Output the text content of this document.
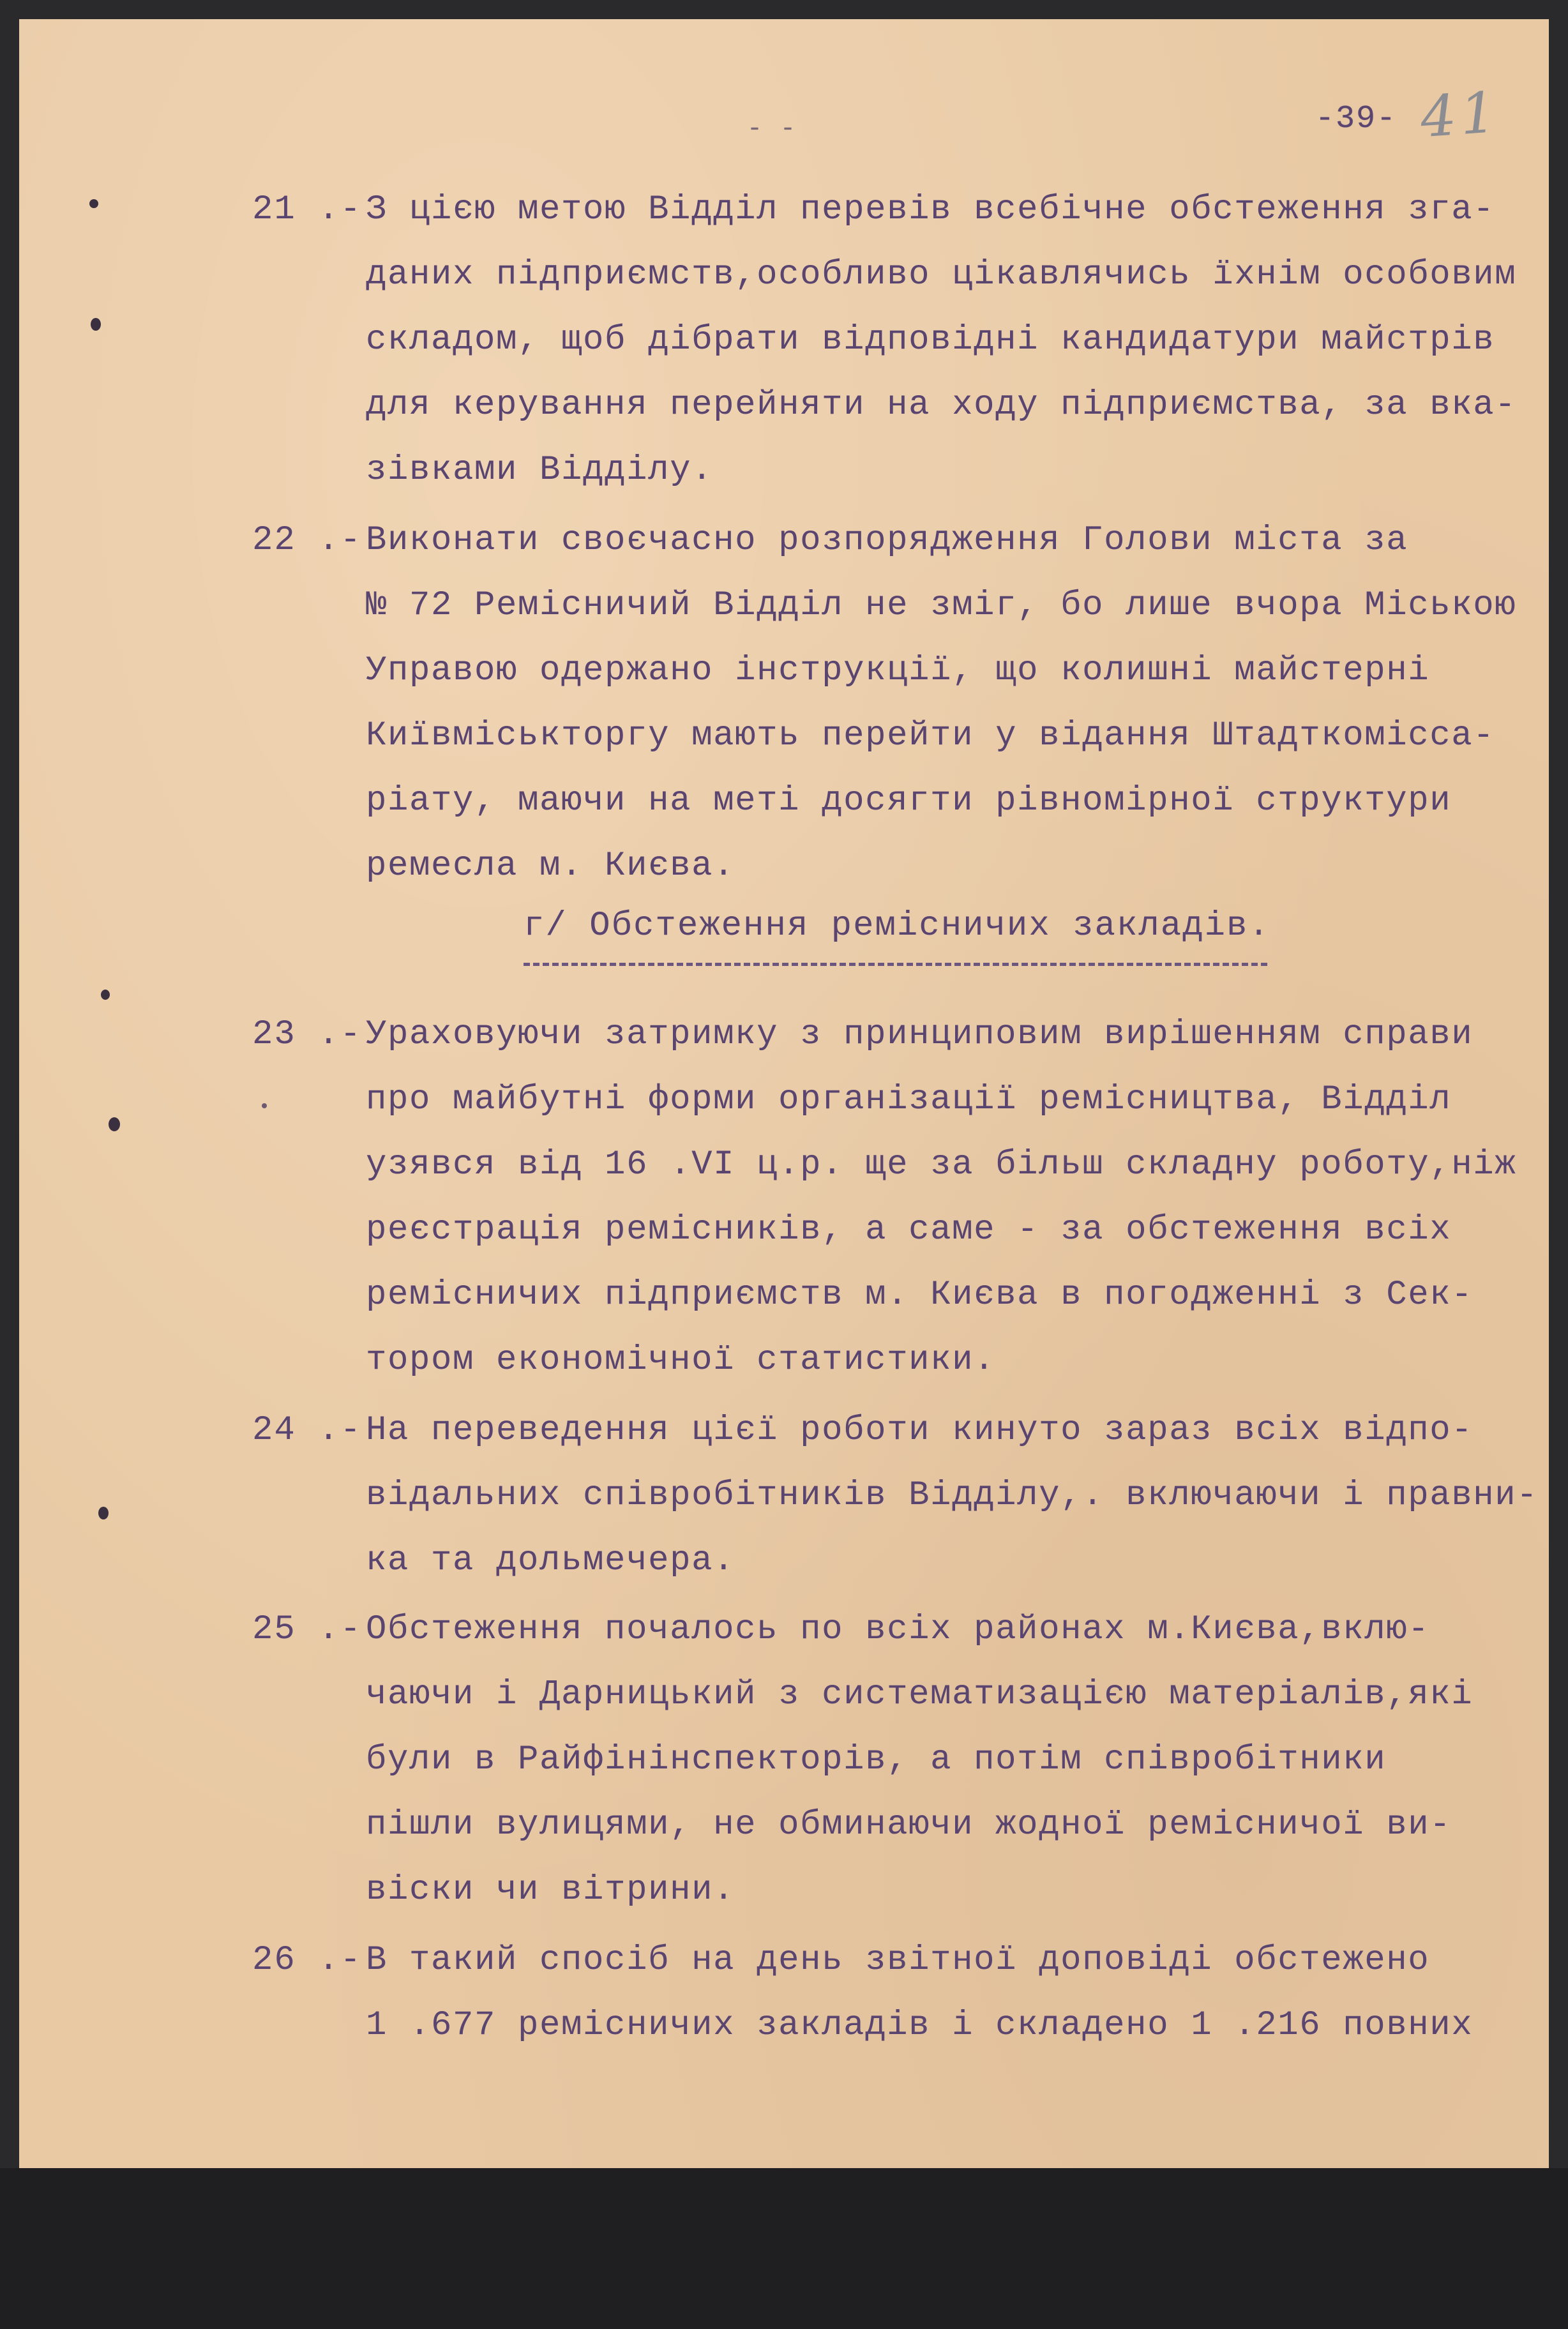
- -	-39- 41
21 .- З цією метою Відділ перевів всебічне обстеження зга-
даних підприємств,особливо цікавлячись їхнім особовим
складом, щоб дібрати відповідні кандидатури майстрів
для керування перейняти на ходу підприємства, за вка-
зівками Відділу.
22 .- Виконати своєчасно розпорядження Голови міста за
№ 72 Ремісничий Відділ не зміг, бо лише вчора Міською
Управою одержано інструкції, що колишні майстерні
Київміськторгу мають перейти у відання Штадткомісса-
ріату, маючи на меті досягти рівномірної структури
ремесла м. Києва.
г/ Обстеження ремісничих закладів.
23 .- Ураховуючи затримку з принциповим вирішенням справи
про майбутні форми організації ремісництва, Відділ
узявся від 16 .VI ц.р. ще за більш складну роботу,ніж
реєстрація ремісників, а саме - за обстеження всіх
ремісничих підприємств м. Києва в погодженні з Сек-
тором економічної статистики.
24 .- На переведення цієї роботи кинуто зараз всіх відпо-
відальних співробітників Відділу,. включаючи і правни-
ка та дольмечера.
25 .- Обстеження почалось по всіх районах м.Києва,вклю-
чаючи і Дарницький з систематизацією матеріалів,які
були в Райфінінспекторів, а потім співробітники
пішли вулицями, не обминаючи жодної ремісничої ви-
віски чи вітрини.
26 .- В такий спосіб на день звітної доповіді обстежено
1 .677 ремісничих закладів і складено 1 .216 повних
